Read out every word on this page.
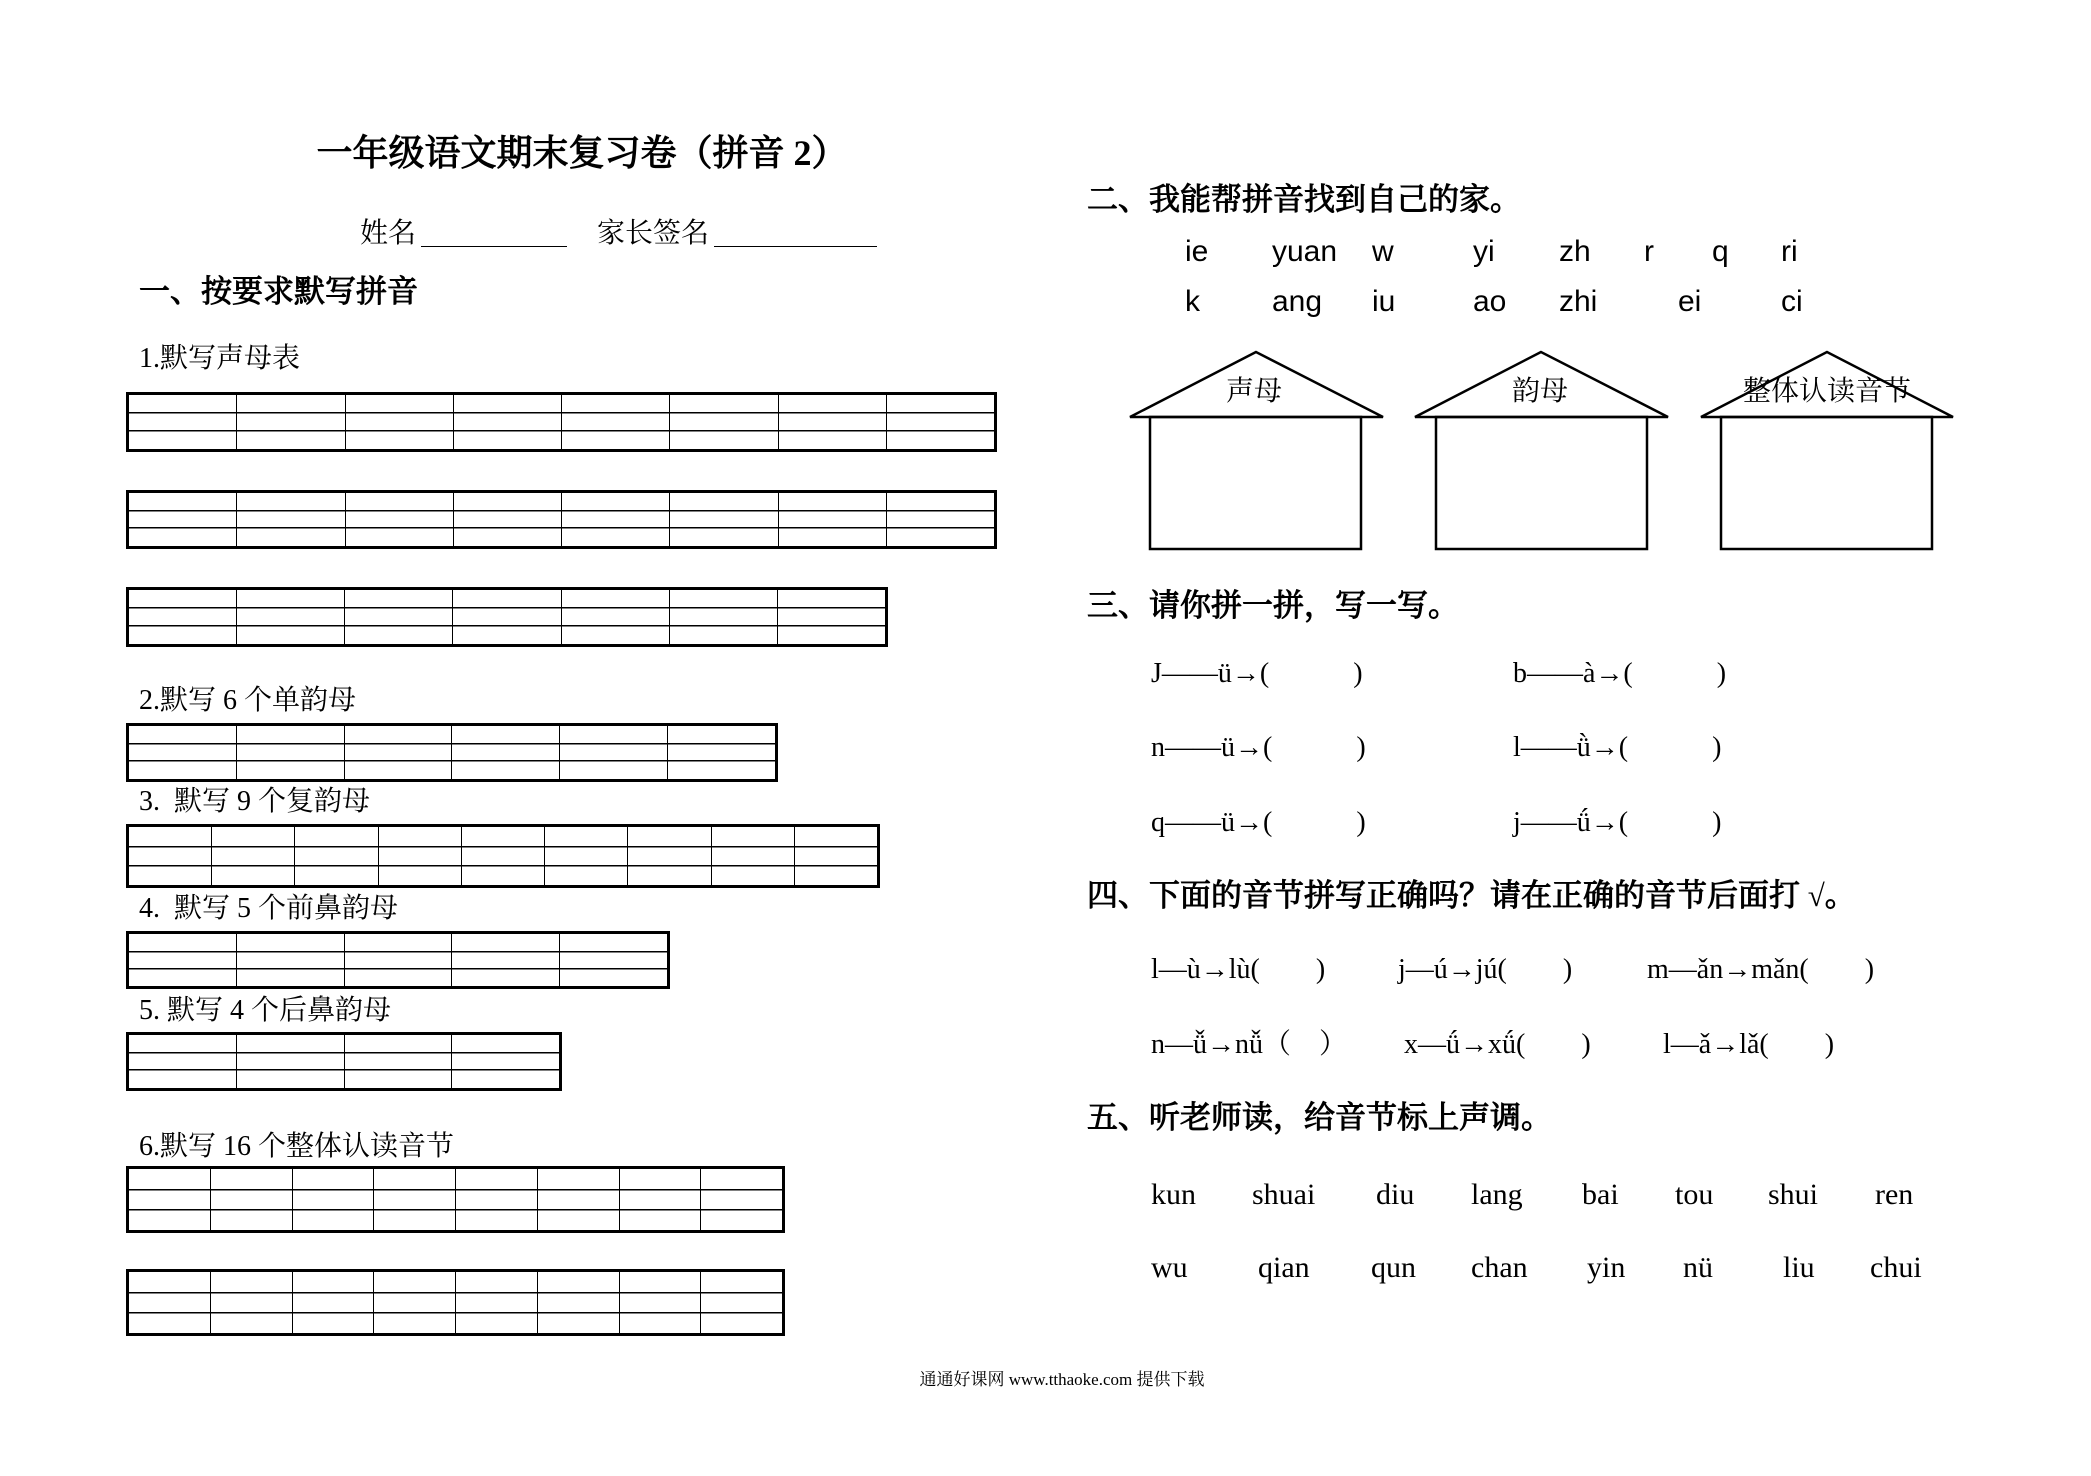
一年级语文期末复习卷（拼音 2）
姓名	家长签名
一、按要求默写拼音
1.默写声母表
2.默写 6 个单韵母
3.  默写 9 个复韵母
4.  默写 5 个前鼻韵母
5. 默写 4 个后鼻韵母
6.默写 16 个整体认读音节
二、我能帮拼音找到自己的家。
ie yuan w	yi zh r q ri
k ang iu	ao zhi	ei	ci
声母	韵母	整体认读音节
三、请你拼一拼，写一写。
J——ü→(　　　)	b——à→(　　　)
n——ü→(　　　)	l——ǜ→(　　　)
q——ü→(　　　)	j——ǘ→(　　　)
四、下面的音节拼写正确吗？请在正确的音节后面打 √。
l—ù→lù(　　)	j—ú→jú(　　)	m—ǎn→mǎn(　　)
n—ǚ→nǚ（　） x—ǘ→xǘ(　　)	l—ǎ→lǎ(　　)
五、听老师读，给音节标上声调。
kun shuai diu lang bai tou shui ren
wu qian qun chan yin nü liu chui
通通好课网 www.tthaoke.com 提供下载
